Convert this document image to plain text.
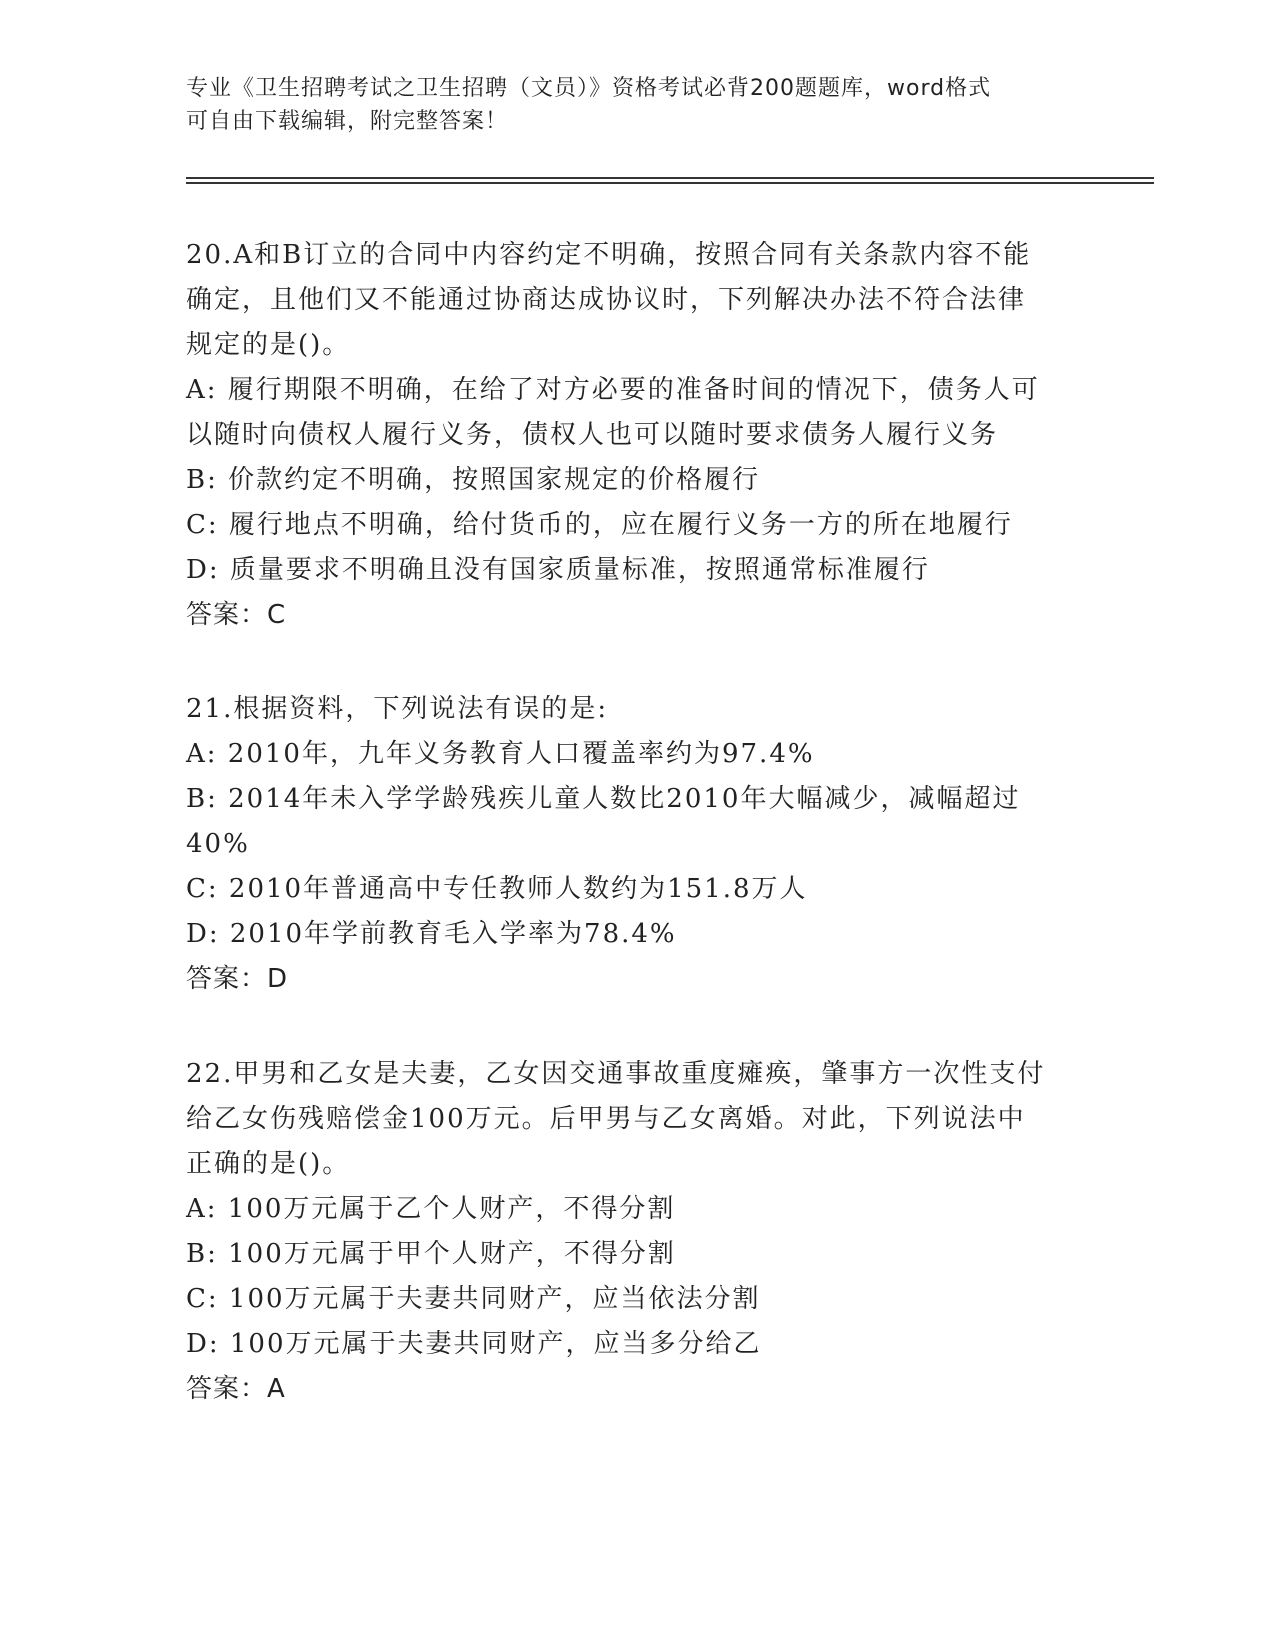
专业《卫生招聘考试之卫生招聘（文员）》资格考试必背200题题库，word格式
可自由下载编辑，附完整答案！

20.A和B订立的合同中内容约定不明确，按照合同有关条款内容不能

确定，且他们又不能通过协商达成协议时，下列解决办法不符合法律

规定的是()。

A: 履行期限不明确，在给了对方必要的准备时间的情况下，债务人可

以随时向债权人履行义务，债权人也可以随时要求债务人履行义务

B: 价款约定不明确，按照国家规定的价格履行

C: 履行地点不明确，给付货币的，应在履行义务一方的所在地履行

D: 质量要求不明确且没有国家质量标准，按照通常标准履行

答案：C

21.根据资料，下列说法有误的是:

A: 2010年，九年义务教育人口覆盖率约为97.4%

B: 2014年未入学学龄残疾儿童人数比2010年大幅减少，减幅超过

40%

C: 2010年普通高中专任教师人数约为151.8万人

D: 2010年学前教育毛入学率为78.4%

答案：D

22.甲男和乙女是夫妻，乙女因交通事故重度瘫痪，肇事方一次性支付

给乙女伤残赔偿金100万元。后甲男与乙女离婚。对此，下列说法中

正确的是()。

A: 100万元属于乙个人财产，不得分割

B: 100万元属于甲个人财产，不得分割

C: 100万元属于夫妻共同财产，应当依法分割

D: 100万元属于夫妻共同财产，应当多分给乙

答案：A
